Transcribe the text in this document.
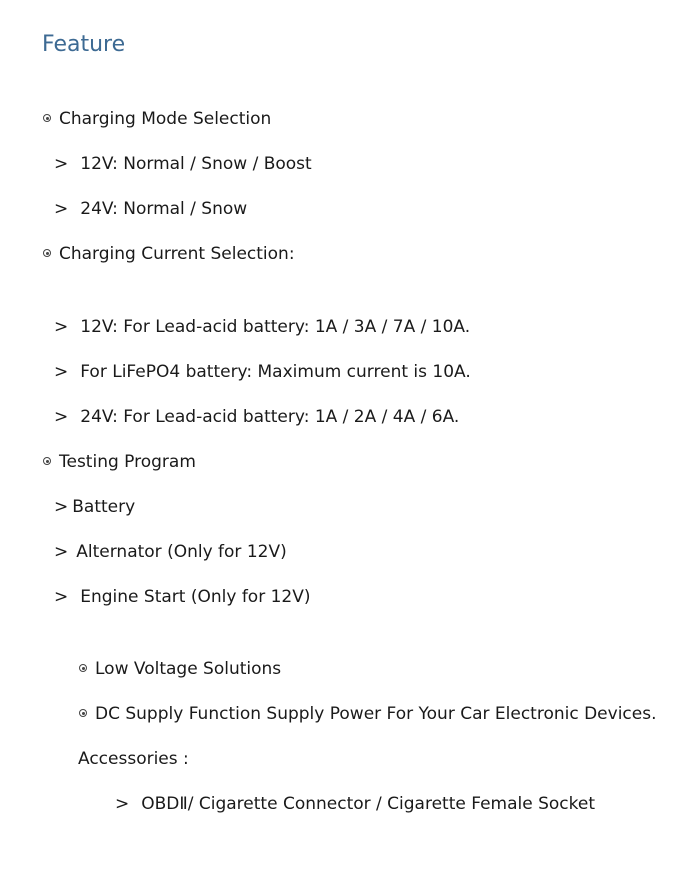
Feature
Charging Mode Selection
> 12V: Normal / Snow / Boost
> 24V: Normal / Snow
Charging Current Selection:
> 12V: For Lead-acid battery: 1A / 3A / 7A / 10A.
> For LiFePO4 battery: Maximum current is 10A.
> 24V: For Lead-acid battery: 1A / 2A / 4A / 6A.
Testing Program
> Battery
> Alternator (Only for 12V)
> Engine Start (Only for 12V)
Low Voltage Solutions
DC Supply Function Supply Power For Your Car Electronic Devices.
Accessories :
> OBDⅡ/ Cigarette Connector / Cigarette Female Socket
